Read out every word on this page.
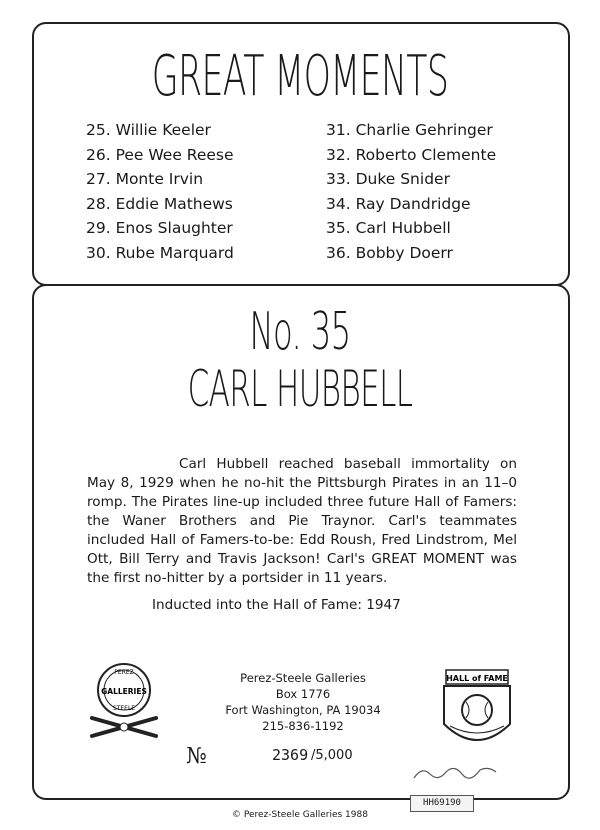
GREAT MOMENTS
25. Willie Keeler
26. Pee Wee Reese
27. Monte Irvin
28. Eddie Mathews
29. Enos Slaughter
30. Rube Marquard
31. Charlie Gehringer
32. Roberto Clemente
33. Duke Snider
34. Ray Dandridge
35. Carl Hubbell
36. Bobby Doerr
No. 35
CARL HUBBELL

Carl Hubbell reached baseball immortality on May 8, 1929 when he no-hit the Pittsburgh Pirates in an 11–0 romp. The Pirates line-up included three future Hall of Famers: the Waner Brothers and Pie Traynor. Carl's teammates included Hall of Famers-to-be: Edd Roush, Fred Lindstrom, Mel Ott, Bill Terry and Travis Jackson! Carl's GREAT MOMENT was the first no-hitter by a portsider in 11 years.

Inducted into the Hall of Fame: 1947
PEREZ
GALLERIES
STEELE
Perez-Steele Galleries
Box 1776
Fort Washington, PA 19034
215-836-1192
HALL of FAME
№	2369 /5,000
HH69190
© Perez-Steele Galleries 1988
